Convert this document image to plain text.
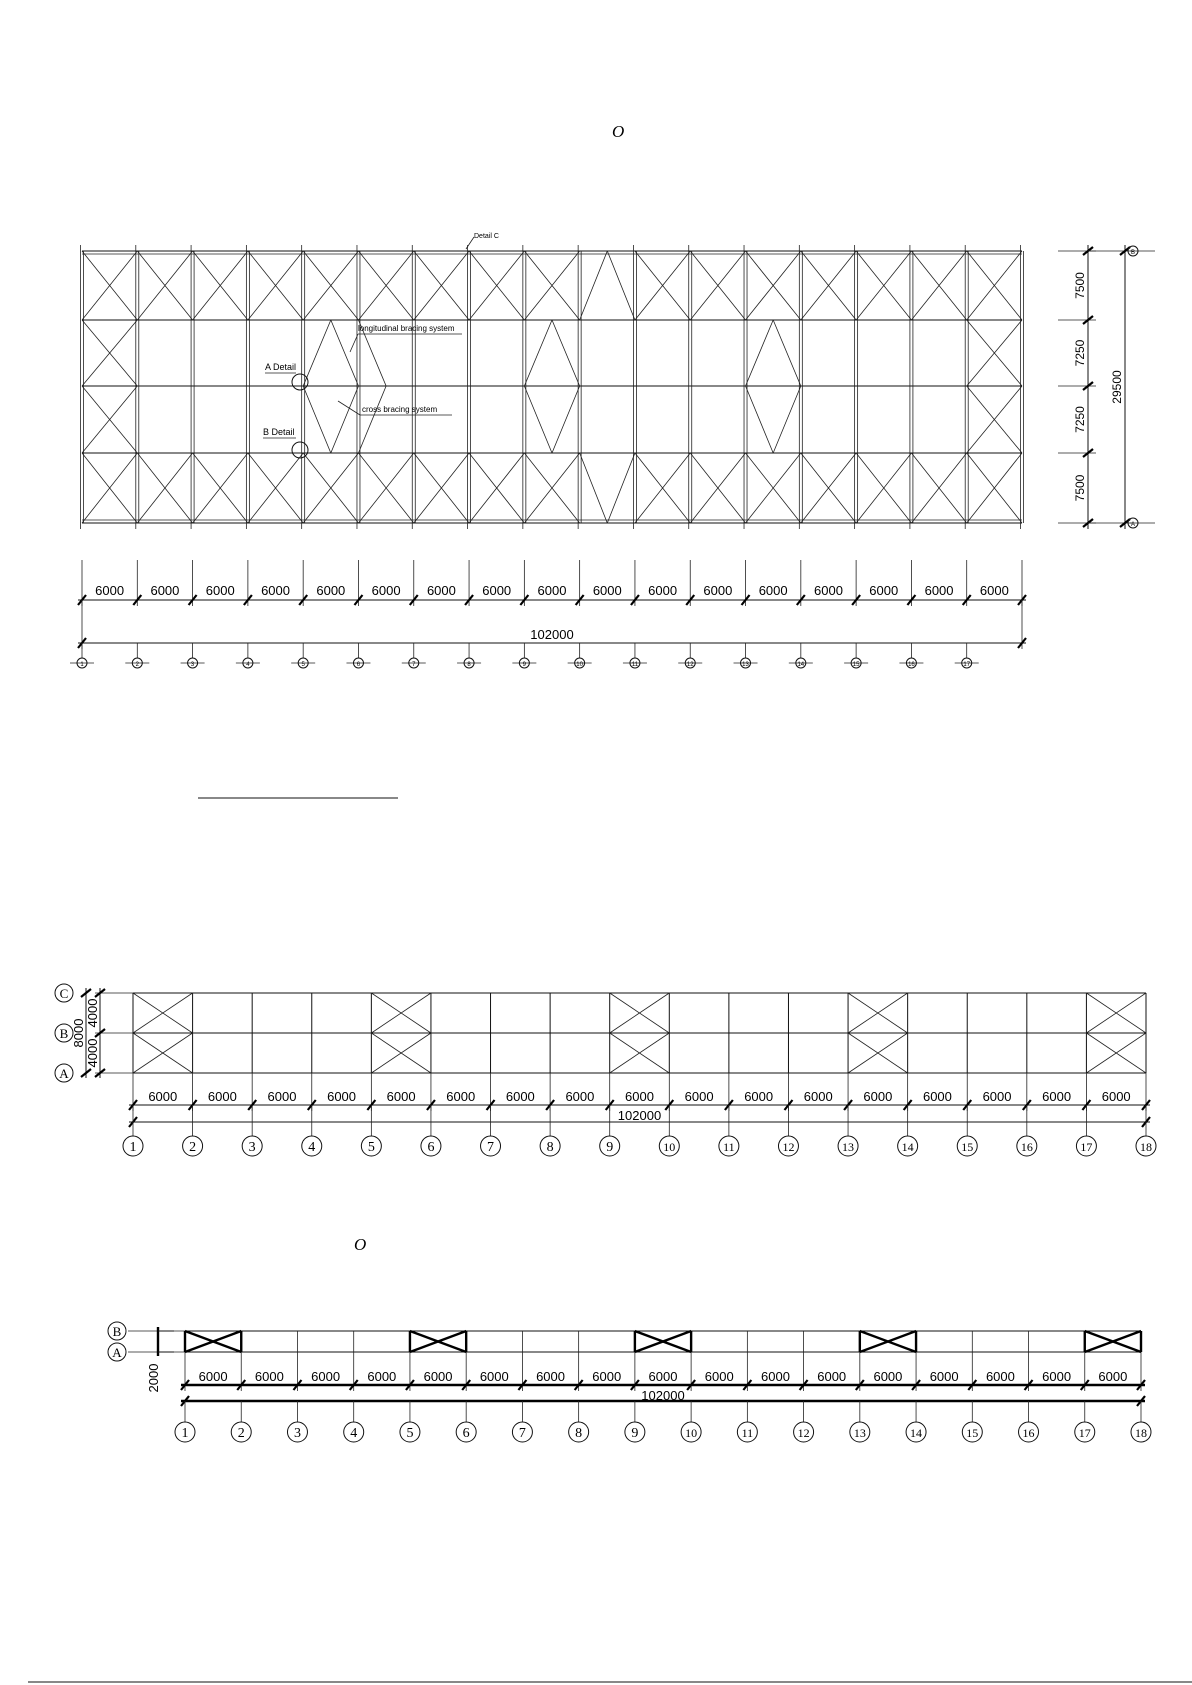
O
Detail C
longitudinal bracing system
cross bracing system
A Detail
B Detail
6000 6000 6000 6000 6000 6000 6000 6000 6000 6000 6000 6000 6000 6000 6000 6000 6000
102000
1	2	3	4	5	6	7	8	9	10	11	12	13	14	15	16	17
7500
7250
7250
7500
29500
B
A
4000
4000
8000
C
B
A
6000 6000 6000 6000 6000 6000 6000 6000 6000 6000 6000 6000 6000 6000 6000 6000 6000
102000
1	2	3	4	5	6	7	8	9	10	11	12	13	14	15	16	17	18
O
2000
B
A
6000 6000 6000 6000 6000 6000 6000 6000 6000 6000 6000 6000 6000 6000 6000 6000 6000
102000
1	2	3	4	5	6	7	8	9	10	11	12	13	14	15	16	17	18
